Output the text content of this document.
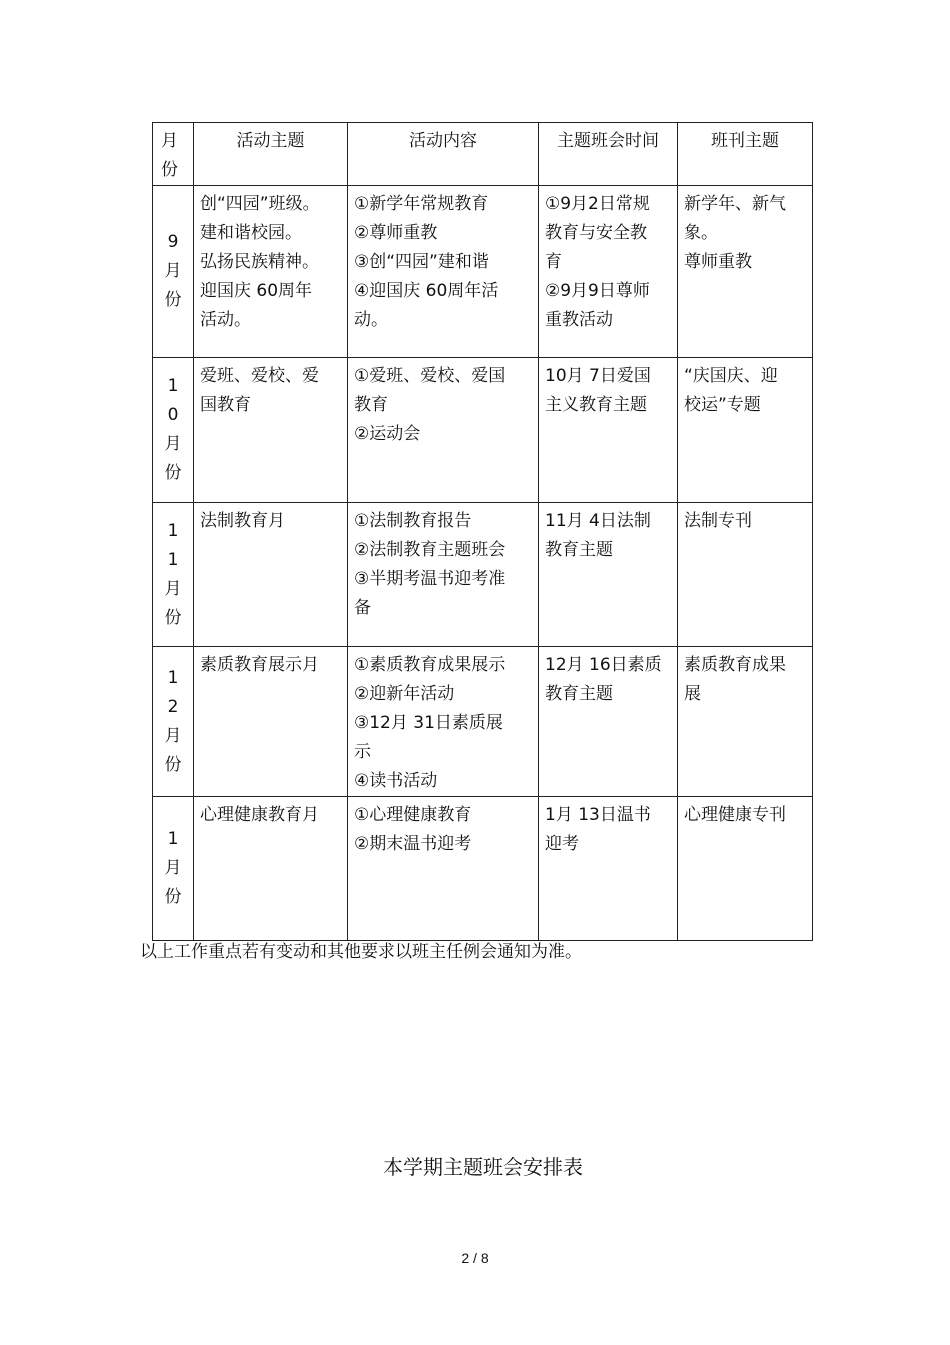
月
份	活动主题	活动内容	主题班会时间	班刊主题
9月份	创“四园”班级。
建和谐校园。
弘扬民族精神。
迎国庆 60周年
活动。	①新学年常规教育
②尊师重教
③创“四园”建和谐
④迎国庆 60周年活
动。	①9月2日常规
教育与安全教
育
②9月9日尊师
重教活动	新学年、新气
象。
尊师重教

10月份	爱班、爱校、爱
国教育	①爱班、爱校、爱国
教育
②运动会	10月 7日爱国
主义教育主题	“庆国庆、迎
校运”专题

11月份	法制教育月	①法制教育报告
②法制教育主题班会
③半期考温书迎考准
备	11月 4日法制
教育主题	法制专刊

12月份	素质教育展示月	①素质教育成果展示
②迎新年活动
③12月 31日素质展
示
④读书活动	12月 16日素质
教育主题	素质教育成果
展

1月份	心理健康教育月	①心理健康教育
②期末温书迎考	1月 13日温书
迎考	心理健康专刊
以上工作重点若有变动和其他要求以班主任例会通知为准。
本学期主题班会安排表
2 / 8
